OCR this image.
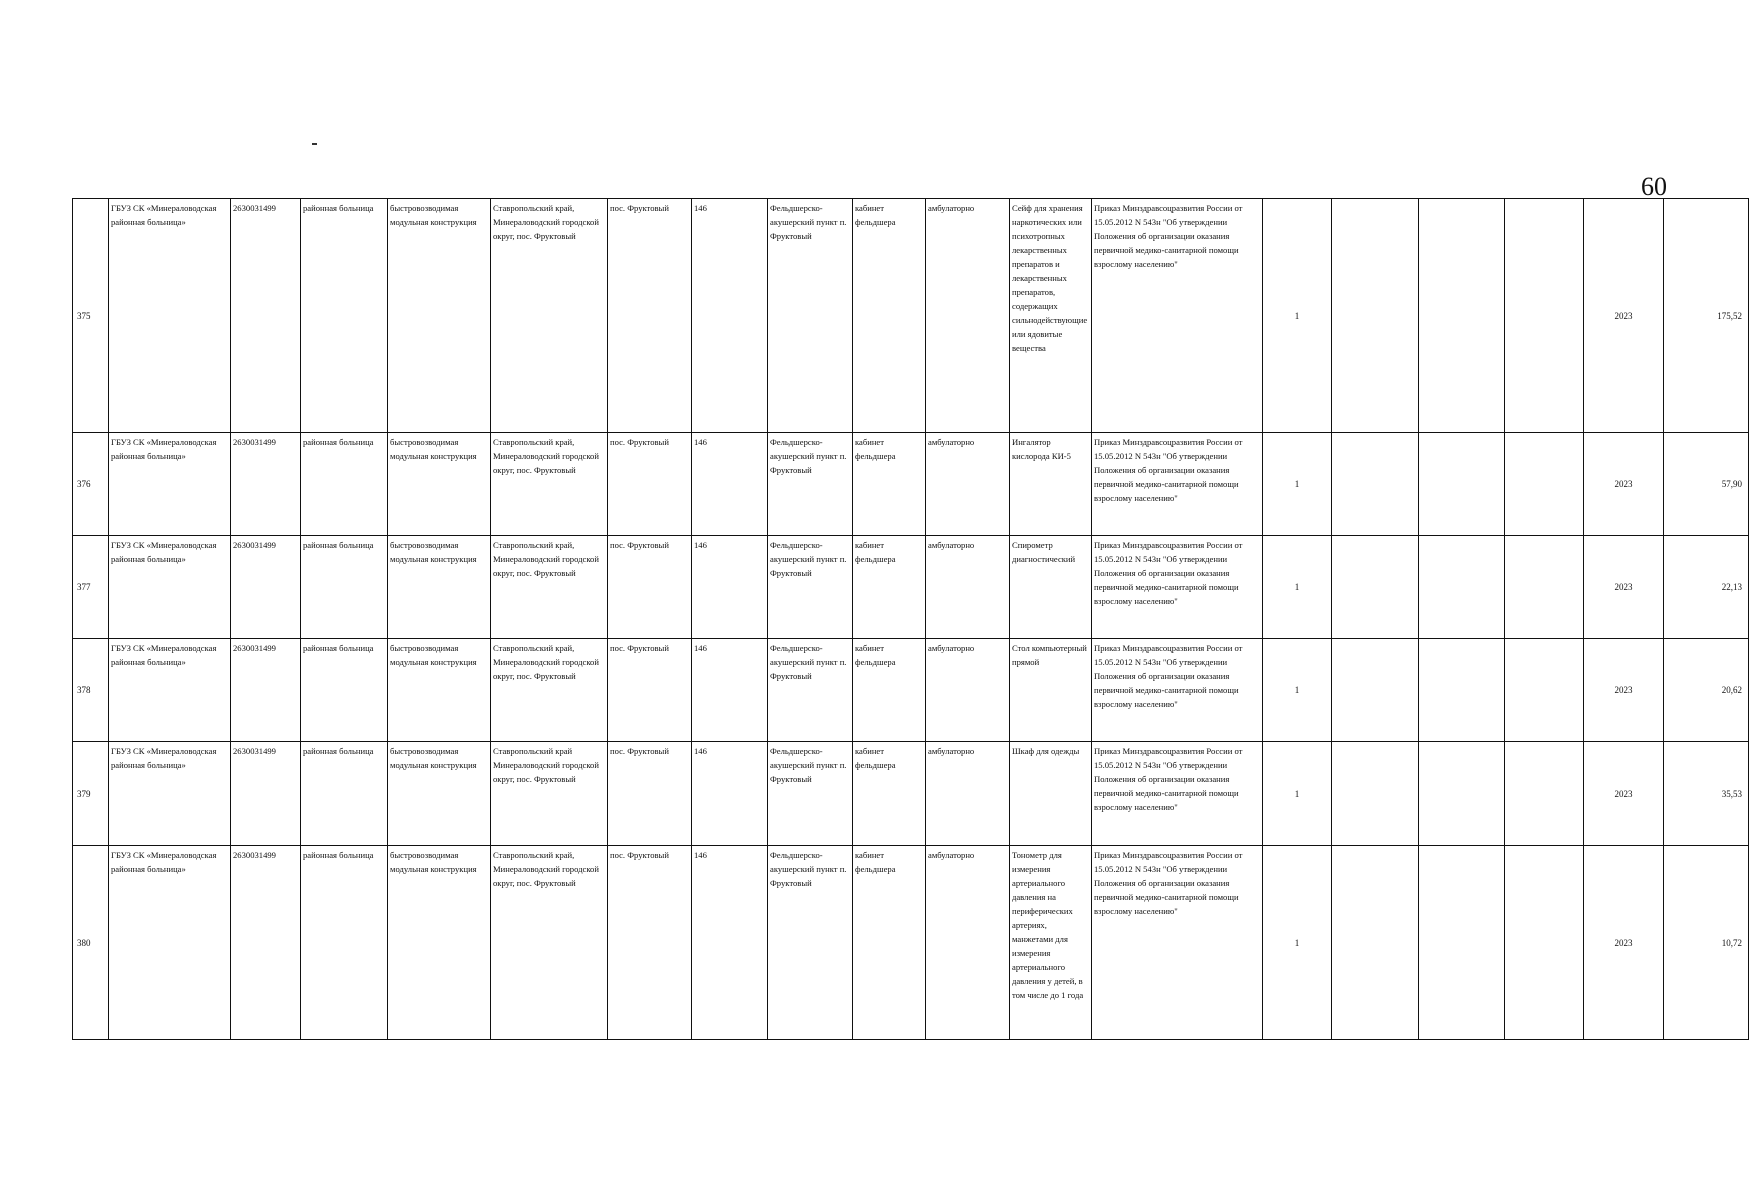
60
375	ГБУЗ СК «Минераловодская районная больница»	2630031499	районная больница	быстровозводимая модульная конструкция	Ставропольский край, Минераловодский городской округ, пос. Фруктовый	пос. Фруктовый	146	Фельдшерско-акушерский пункт п. Фруктовый	кабинет фельдшера	амбулаторно	Сейф для хранения наркотических или психотропных лекарственных препаратов и лекарственных препаратов, содержащих сильнодействующие или ядовитые вещества	Приказ Минздравсоцразвития России от 15.05.2012 N 543н "Об утверждении Положения об организации оказания первичной медико-санитарной помощи взрослому населению"	1				2023	175,52
376	ГБУЗ СК «Минераловодская районная больница»	2630031499	районная больница	быстровозводимая модульная конструкция	Ставропольский край, Минераловодский городской округ, пос. Фруктовый	пос. Фруктовый	146	Фельдшерско-акушерский пункт п. Фруктовый	кабинет фельдшера	амбулаторно	Ингалятор кислорода КИ-5	Приказ Минздравсоцразвития России от 15.05.2012 N 543н "Об утверждении Положения об организации оказания первичной медико-санитарной помощи взрослому населению"	1				2023	57,90
377	ГБУЗ СК «Минераловодская районная больница»	2630031499	районная больница	быстровозводимая модульная конструкция	Ставропольский край, Минераловодский городской округ, пос. Фруктовый	пос. Фруктовый	146	Фельдшерско-акушерский пункт п. Фруктовый	кабинет фельдшера	амбулаторно	Спирометр диагностический	Приказ Минздравсоцразвития России от 15.05.2012 N 543н "Об утверждении Положения об организации оказания первичной медико-санитарной помощи взрослому населению"	1				2023	22,13
378	ГБУЗ СК «Минераловодская районная больница»	2630031499	районная больница	быстровозводимая модульная конструкция	Ставропольский край, Минераловодский городской округ, пос. Фруктовый	пос. Фруктовый	146	Фельдшерско-акушерский пункт п. Фруктовый	кабинет фельдшера	амбулаторно	Стол компьютерный прямой	Приказ Минздравсоцразвития России от 15.05.2012 N 543н "Об утверждении Положения об организации оказания первичной медико-санитарной помощи взрослому населению"	1				2023	20,62
379	ГБУЗ СК «Минераловодская районная больница»	2630031499	районная больница	быстровозводимая модульная конструкция	Ставропольский край Минераловодский городской округ, пос. Фруктовый	пос. Фруктовый	146	Фельдшерско-акушерский пункт п. Фруктовый	кабинет фельдшера	амбулаторно	Шкаф для одежды	Приказ Минздравсоцразвития России от 15.05.2012 N 543н "Об утверждении Положения об организации оказания первичной медико-санитарной помощи взрослому населению"	1				2023	35,53
380	ГБУЗ СК «Минераловодская районная больница»	2630031499	районная больница	быстровозводимая модульная конструкция	Ставропольский край, Минераловодский городской округ, пос. Фруктовый	пос. Фруктовый	146	Фельдшерско-акушерский пункт п. Фруктовый	кабинет фельдшера	амбулаторно	Тонометр для измерения артериального давления на периферических артериях, манжетами для измерения артериального давления у детей, в том числе до 1 года	Приказ Минздравсоцразвития России от 15.05.2012 N 543н "Об утверждении Положения об организации оказания первичной медико-санитарной помощи взрослому населению"	1				2023	10,72
